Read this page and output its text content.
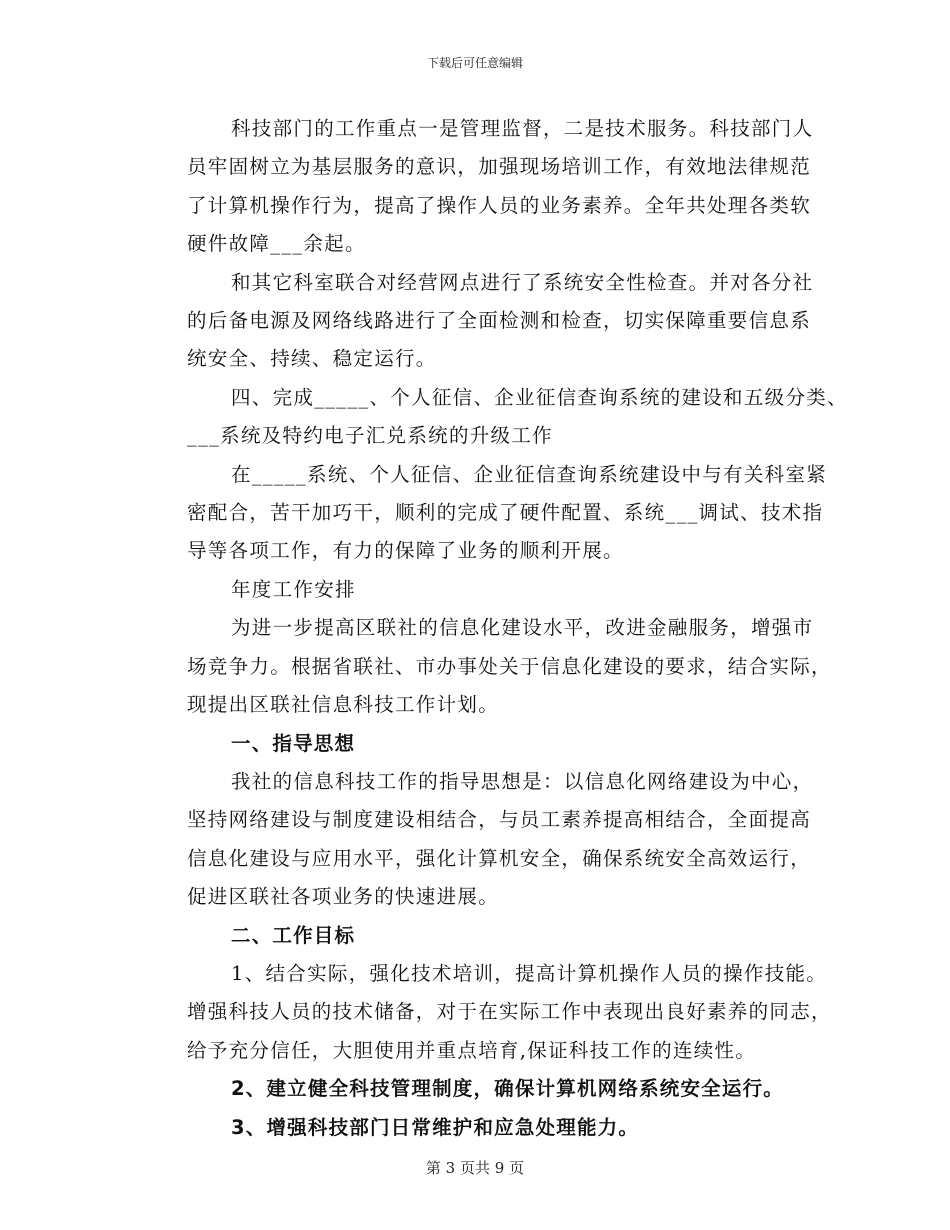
下载后可任意编辑
科技部门的工作重点一是管理监督，二是技术服务。科技部门人
员牢固树立为基层服务的意识，加强现场培训工作，有效地法律规范
了计算机操作行为，提高了操作人员的业务素养。全年共处理各类软
硬件故障___余起。
和其它科室联合对经营网点进行了系统安全性检查。并对各分社
的后备电源及网络线路进行了全面检测和检查，切实保障重要信息系
统安全、持续、稳定运行。
四、完成_____、个人征信、企业征信查询系统的建设和五级分类、
___系统及特约电子汇兑系统的升级工作
在_____系统、个人征信、企业征信查询系统建设中与有关科室紧
密配合，苦干加巧干，顺利的完成了硬件配置、系统___调试、技术指
导等各项工作，有力的保障了业务的顺利开展。
年度工作安排
为进一步提高区联社的信息化建设水平，改进金融服务，增强市
场竞争力。根据省联社、市办事处关于信息化建设的要求，结合实际，
现提出区联社信息科技工作计划。
一、指导思想
我社的信息科技工作的指导思想是：以信息化网络建设为中心，
坚持网络建设与制度建设相结合，与员工素养提高相结合，全面提高
信息化建设与应用水平，强化计算机安全，确保系统安全高效运行，
促进区联社各项业务的快速进展。
二、工作目标
1、结合实际，强化技术培训，提高计算机操作人员的操作技能。
增强科技人员的技术储备，对于在实际工作中表现出良好素养的同志，
给予充分信任，大胆使用并重点培育,保证科技工作的连续性。
2、建立健全科技管理制度，确保计算机网络系统安全运行。
3、增强科技部门日常维护和应急处理能力。
第 3 页共 9 页
